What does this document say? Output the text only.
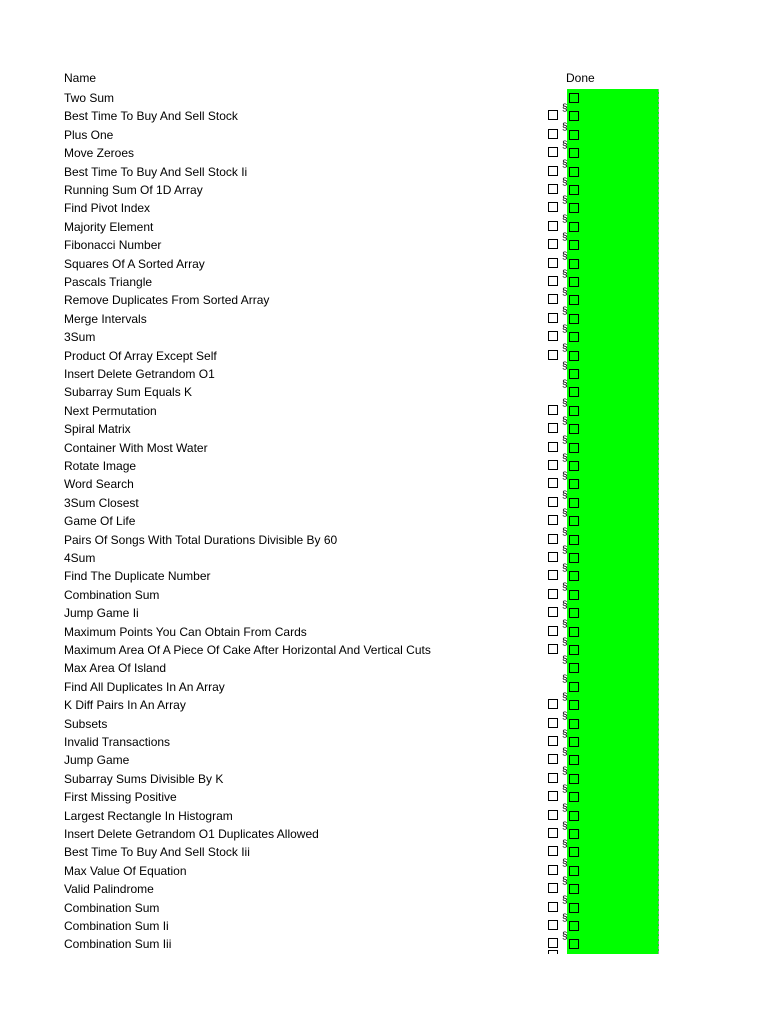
Name	Done
Two Sum
Best Time To Buy And Sell Stock
§
Plus One
§
Move Zeroes
§
Best Time To Buy And Sell Stock Ii
§
Running Sum Of 1D Array
§
Find Pivot Index
§
Majority Element
§
Fibonacci Number
§
Squares Of A Sorted Array
§
Pascals Triangle
§
Remove Duplicates From Sorted Array
§
Merge Intervals
§
3Sum
§
Product Of Array Except Self
§
Insert Delete Getrandom O1
§
Subarray Sum Equals K
§
Next Permutation
§
Spiral Matrix
§
Container With Most Water
§
Rotate Image
§
Word Search
§
3Sum Closest
§
Game Of Life
§
Pairs Of Songs With Total Durations Divisible By 60
§
4Sum
§
Find The Duplicate Number
§
Combination Sum
§
Jump Game Ii
§
Maximum Points You Can Obtain From Cards
§
Maximum Area Of A Piece Of Cake After Horizontal And Vertical Cuts
§
Max Area Of Island
§
Find All Duplicates In An Array
§
K Diff Pairs In An Array
§
Subsets
§
Invalid Transactions
§
Jump Game
§
Subarray Sums Divisible By K
§
First Missing Positive
§
Largest Rectangle In Histogram
§
Insert Delete Getrandom O1 Duplicates Allowed
§
Best Time To Buy And Sell Stock Iii
§
Max Value Of Equation
§
Valid Palindrome
§
Combination Sum
§
Combination Sum Ii
§
Combination Sum Iii
§
